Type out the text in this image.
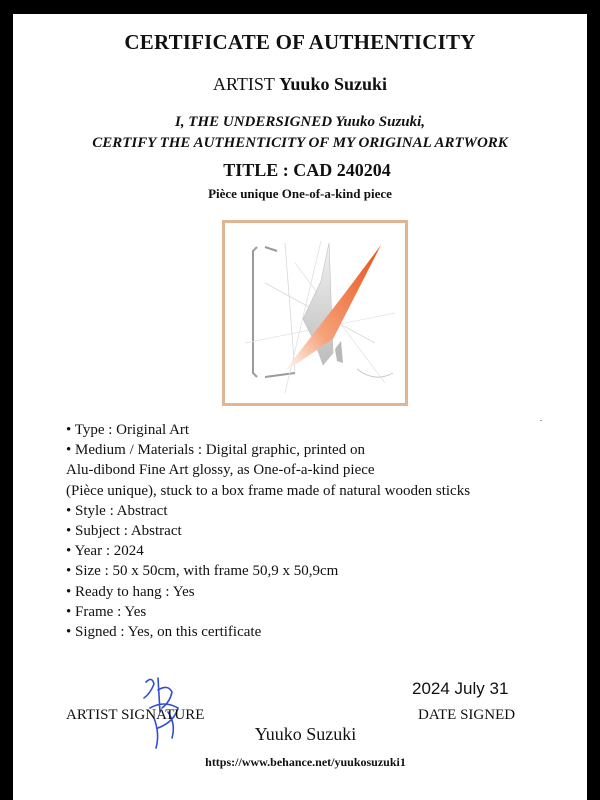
CERTIFICATE OF AUTHENTICITY
ARTIST Yuuko Suzuki
I, THE UNDERSIGNED Yuuko Suzuki,
CERTIFY THE AUTHENTICITY OF MY ORIGINAL ARTWORK
TITLE : CAD 240204
Pièce unique One-of-a-kind piece
• Type : Original Art
• Medium / Materials : Digital graphic, printed on
Alu-dibond Fine Art glossy, as One-of-a-kind piece
(Pièce unique), stuck to a box frame made of natural wooden sticks
• Style : Abstract
• Subject : Abstract
• Year : 2024
• Size : 50 x 50cm, with frame 50,9 x 50,9cm
• Ready to hang : Yes
• Frame : Yes
• Signed : Yes, on this certificate
ARTIST SIGNATURE
2024 July 31
DATE SIGNED
Yuuko Suzuki
https://www.behance.net/yuukosuzuki1
